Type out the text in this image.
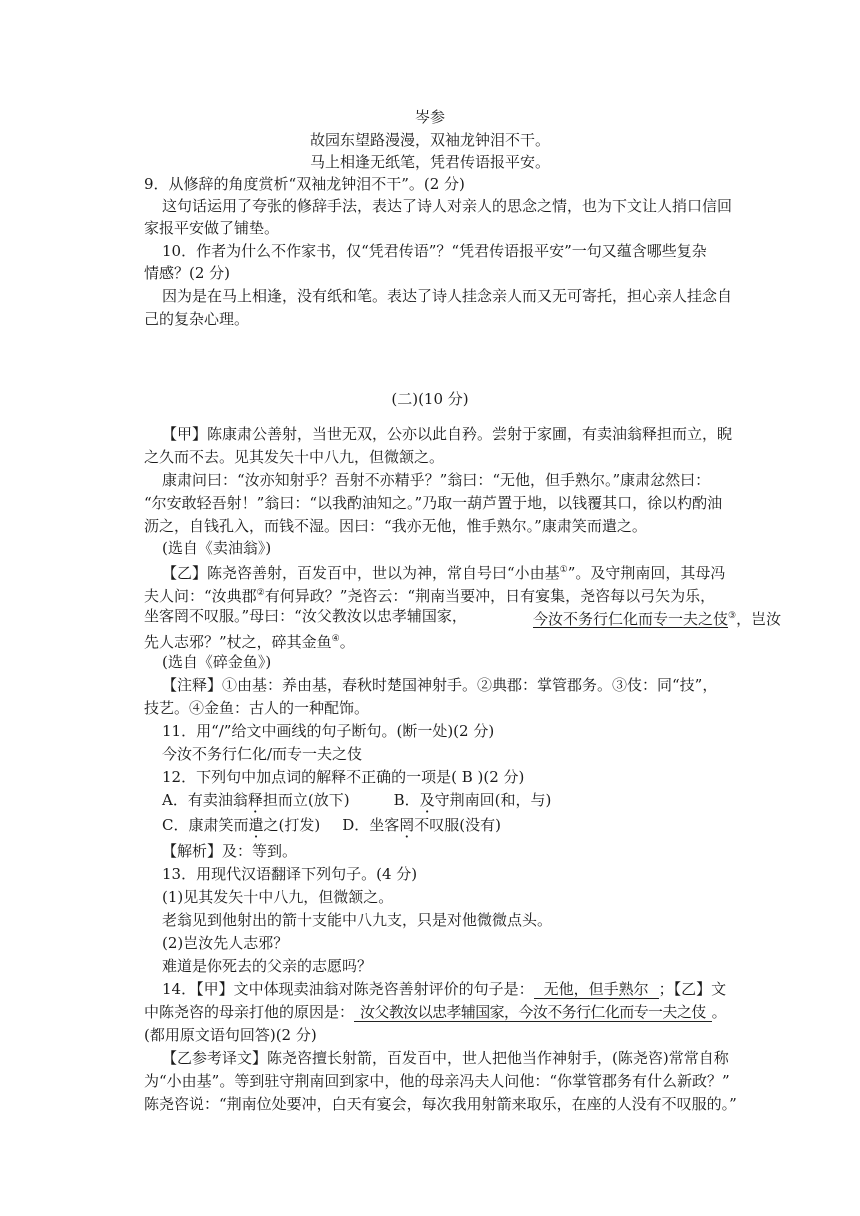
岑参
故园东望路漫漫，双袖龙钟泪不干。
马上相逢无纸笔，凭君传语报平安。
9．从修辞的角度赏析“双袖龙钟泪不干”。(2 分)
这句话运用了夸张的修辞手法，表达了诗人对亲人的思念之情，也为下文让人捎口信回
家报平安做了铺垫。
10．作者为什么不作家书，仅“凭君传语”？“凭君传语报平安”一句又蕴含哪些复杂
情感？(2 分)
因为是在马上相逢，没有纸和笔。表达了诗人挂念亲人而又无可寄托，担心亲人挂念自
己的复杂心理。
(二)(10 分)
【甲】陈康肃公善射，当世无双，公亦以此自矜。尝射于家圃，有卖油翁释担而立，睨
之久而不去。见其发矢十中八九，但微颔之。
康肃问曰：“汝亦知射乎？吾射不亦精乎？”翁曰：“无他，但手熟尔。”康肃忿然曰：
“尔安敢轻吾射！”翁曰：“以我酌油知之。”乃取一葫芦置于地，以钱覆其口，徐以杓酌油
沥之，自钱孔入，而钱不湿。因曰：“我亦无他，惟手熟尔。”康肃笑而遣之。
(选自《卖油翁》)
【乙】陈尧咨善射，百发百中，世以为神，常自号曰“小由基①”。及守荆南回，其母冯
夫人问：“汝典郡②有何异政？”尧咨云：“荆南当要冲，日有宴集，尧咨每以弓矢为乐，
坐客罔不叹服。”母曰：“汝父教汝以忠孝辅国家，	今汝不务行仁化而专一夫之伎③，岂汝
先人志邪？”杖之，碎其金鱼④。
(选自《碎金鱼》)
【注释】①由基：养由基，春秋时楚国神射手。②典郡：掌管郡务。③伎：同“技”，
技艺。④金鱼：古人的一种配饰。
11．用“/”给文中画线的句子断句。(断一处)(2 分)
今汝不务行仁化/而专一夫之伎
12．下列句中加点词的解释不正确的一项是( B )(2 分)
A．有卖油翁释担而立(放下)	B．及守荆南回(和，与)
C．康肃笑而遣之(打发) D．坐客罔不叹服(没有)
【解析】及：等到。
13．用现代汉语翻译下列句子。(4 分)
(1)见其发矢十中八九，但微颔之。
老翁见到他射出的箭十支能中八九支，只是对他微微点头。
(2)岂汝先人志邪？
难道是你死去的父亲的志愿吗？
14．【甲】文中体现卖油翁对陈尧咨善射评价的句子是： 无他，但手熟尔 ；【乙】文
中陈尧咨的母亲打他的原因是： 汝父教汝以忠孝辅国家，今汝不务行仁化而专一夫之伎 。
(都用原文语句回答)(2 分)
【乙参考译文】陈尧咨擅长射箭，百发百中，世人把他当作神射手，(陈尧咨)常常自称
为“小由基”。等到驻守荆南回到家中，他的母亲冯夫人问他：“你掌管郡务有什么新政？”
陈尧咨说：“荆南位处要冲，白天有宴会，每次我用射箭来取乐，在座的人没有不叹服的。”
